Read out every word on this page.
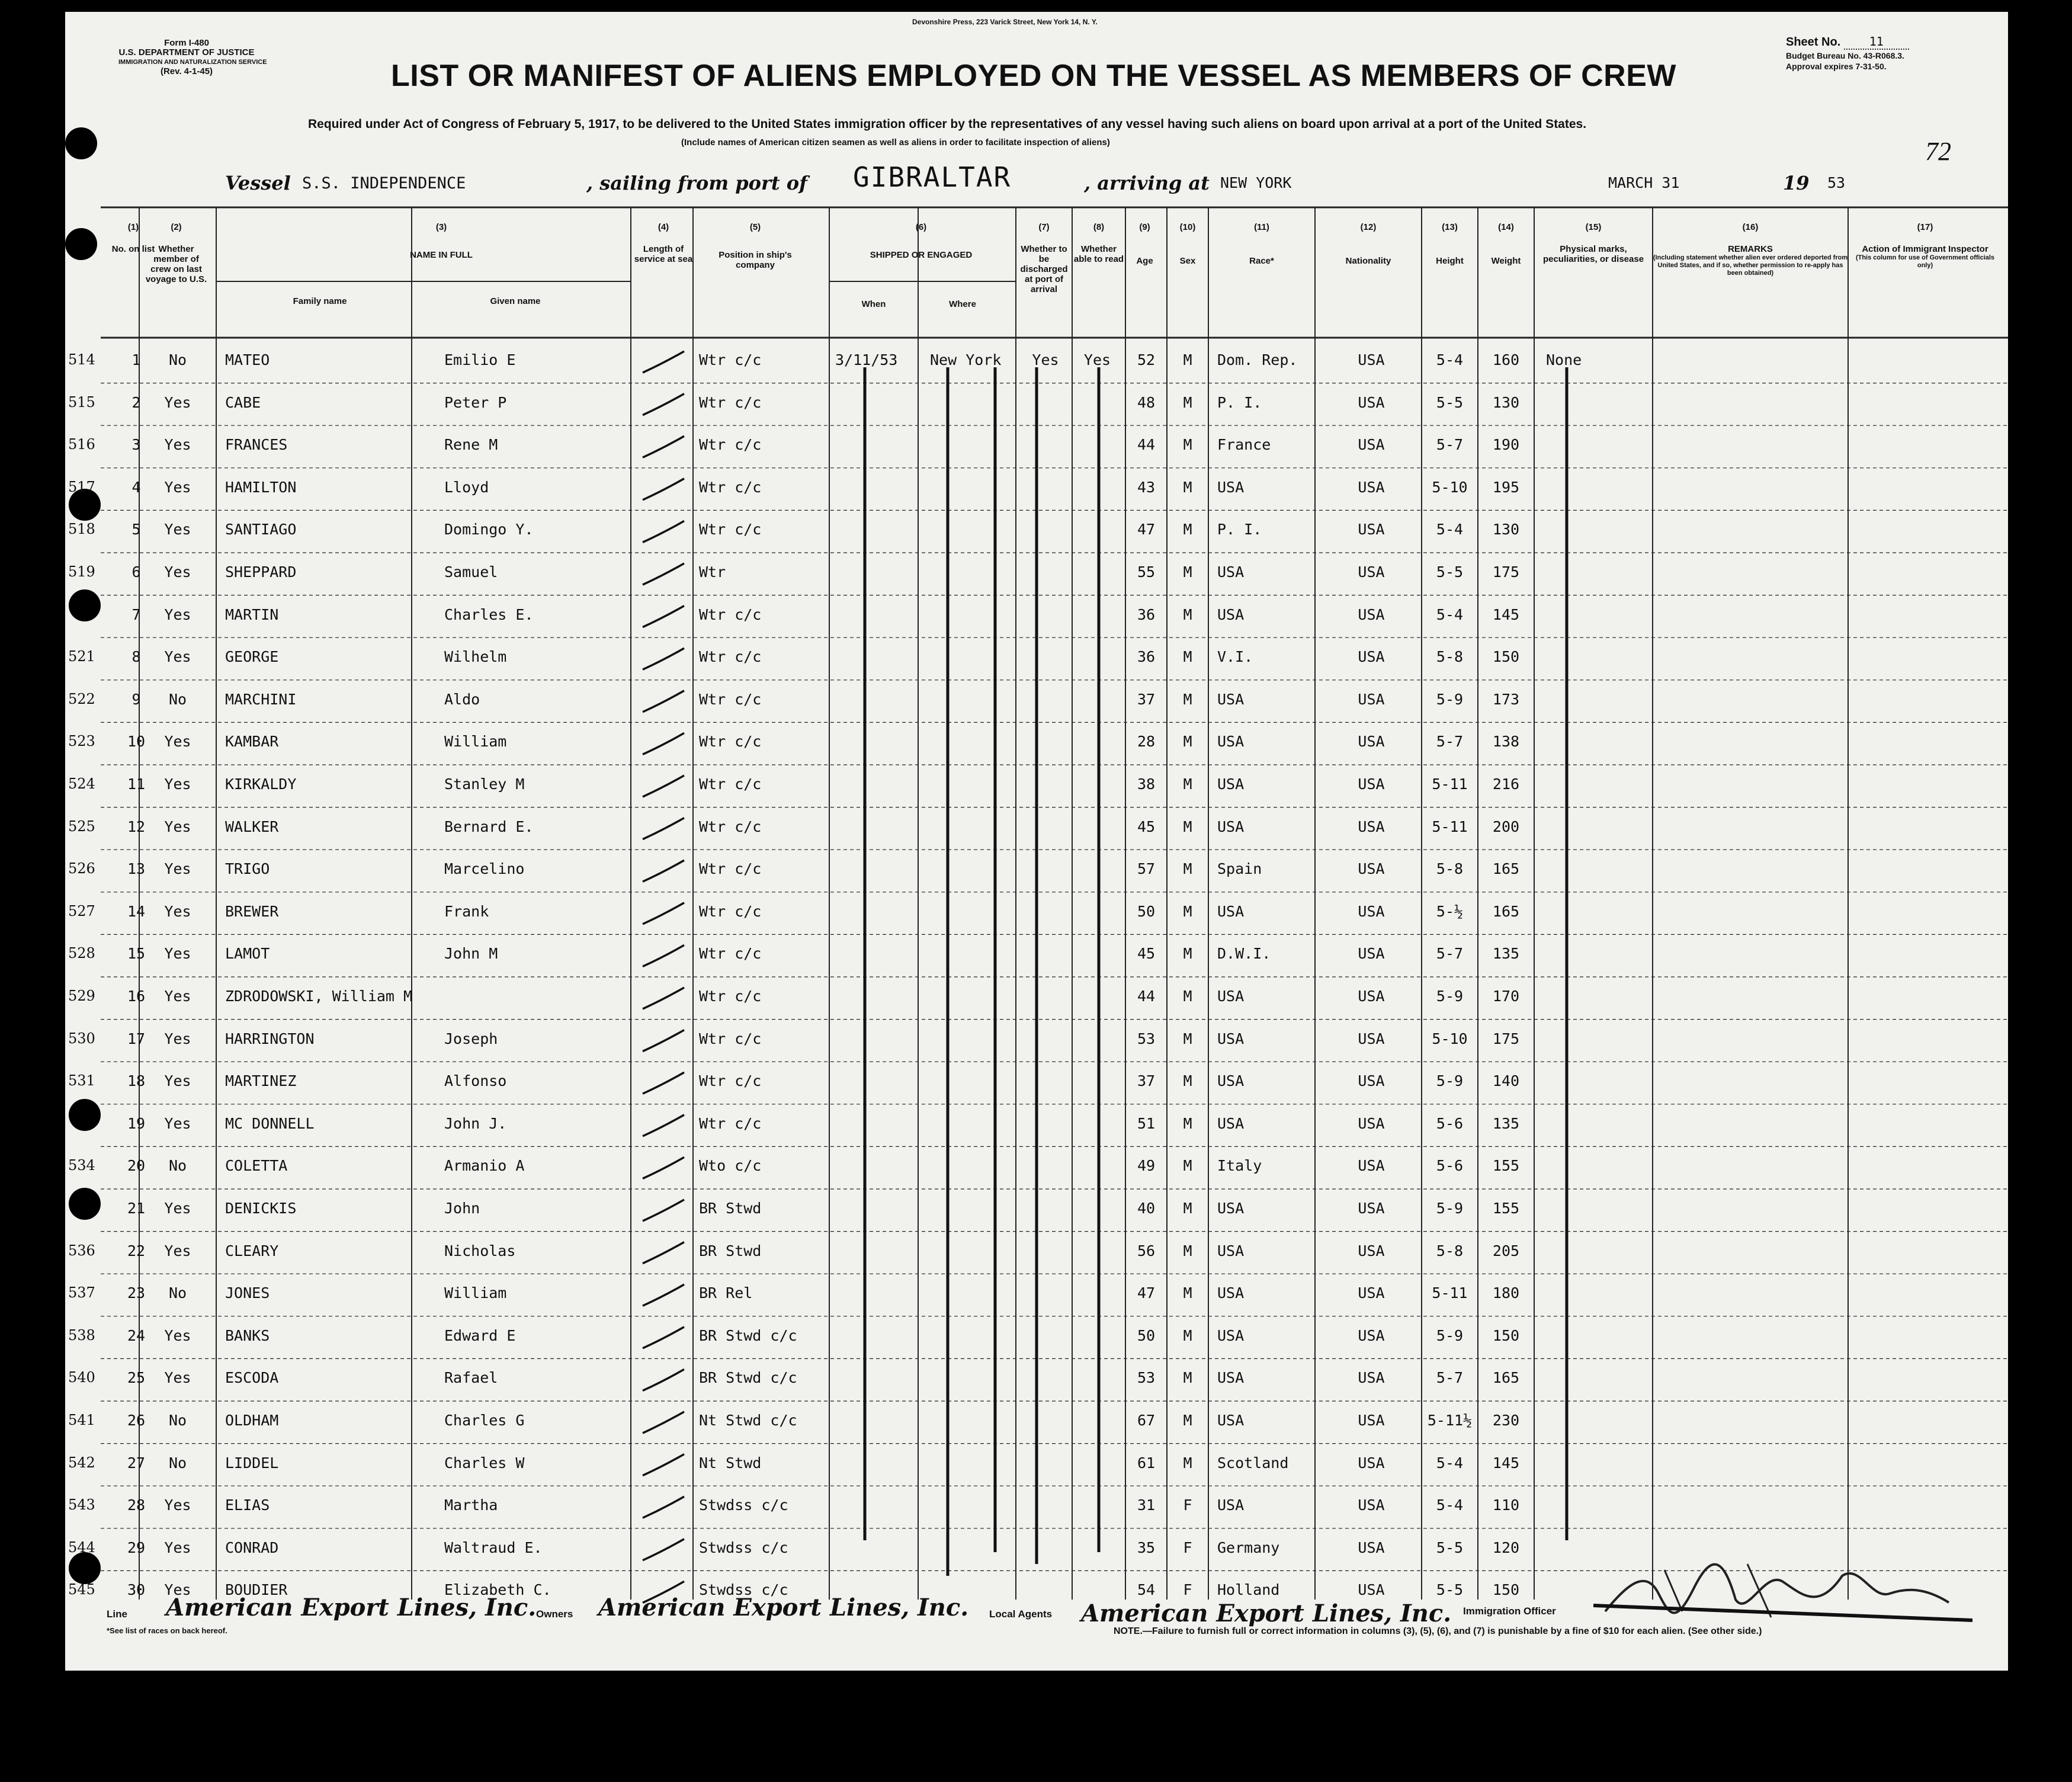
Form I-480
U.S. DEPARTMENT OF JUSTICE
IMMIGRATION AND NATURALIZATION SERVICE
(Rev. 4-1-45)
Devonshire Press, 223 Varick Street, New York 14, N. Y.
LIST OR MANIFEST OF ALIENS EMPLOYED ON THE VESSEL AS MEMBERS OF CREW
Required under Act of Congress of February 5, 1917, to be delivered to the United States immigration officer by the representatives of any vessel having such aliens on board upon arrival at a port of the United States.
(Include names of American citizen seamen as well as aliens in order to facilitate inspection of aliens)
Sheet No. 11
Budget Bureau No. 43-R068.3.
Approval expires 7-31-50.
72
Vessel S.S. INDEPENDENCE	, sailing from port of GIBRALTAR	, arriving at NEW YORK	MARCH 31	19 53
(1)
No. on list
(2)
Whether member of crew on last voyage to U.S.
(3)
NAME IN FULL
Family name	Given name
(4)
Length of service at sea
(5)
Position in ship's company
(6)
SHIPPED OR ENGAGED
When	Where
(7)
Whether to be discharged at port of arrival
(8)
Whether able to read
(9)
Age
(10)
Sex
(11)
Race*
(12)
Nationality
(13)
Height
(14)
Weight
(15)
Physical marks, peculiarities, or disease
(16)
REMARKS
(Including statement whether alien ever ordered deported from United States, and if so, whether permission to re-apply has been obtained)
(17)
Action of Immigrant Inspector
(This column for use of Government officials only)
514	1	No	MATEO	Emilio E	Wtr c/c	3/11/53 New York	Yes	Yes	52	M	Dom. Rep.	USA	5-4	160	None
515	2	Yes	CABE	Peter P	Wtr c/c	48	M	P. I.	USA	5-5	130
516	3	Yes	FRANCES	Rene M	Wtr c/c	44	M	France	USA	5-7	190
517	4	Yes	HAMILTON	Lloyd	Wtr c/c	43	M	USA	USA	5-10	195
518	5	Yes	SANTIAGO	Domingo Y.	Wtr c/c	47	M	P. I.	USA	5-4	130
519	6	Yes	SHEPPARD	Samuel	Wtr	55	M	USA	USA	5-5	175
7	Yes	MARTIN	Charles E.	Wtr c/c	36	M	USA	USA	5-4	145
521	8	Yes	GEORGE	Wilhelm	Wtr c/c	36	M	V.I.	USA	5-8	150
522	9	No	MARCHINI	Aldo	Wtr c/c	37	M	USA	USA	5-9	173
523	10	Yes	KAMBAR	William	Wtr c/c	28	M	USA	USA	5-7	138
524	11	Yes	KIRKALDY	Stanley M	Wtr c/c	38	M	USA	USA	5-11	216
525	12	Yes	WALKER	Bernard E.	Wtr c/c	45	M	USA	USA	5-11	200
526	13	Yes	TRIGO	Marcelino	Wtr c/c	57	M	Spain	USA	5-8	165
527	14	Yes	BREWER	Frank	Wtr c/c	50	M	USA	USA	5-½	165
528	15	Yes	LAMOT	John M	Wtr c/c	45	M	D.W.I.	USA	5-7	135
529	16	Yes	ZDRODOWSKI, William M	Wtr c/c	44	M	USA	USA	5-9	170
530	17	Yes	HARRINGTON	Joseph	Wtr c/c	53	M	USA	USA	5-10	175
531	18	Yes	MARTINEZ	Alfonso	Wtr c/c	37	M	USA	USA	5-9	140
19	Yes	MC DONNELL	John J.	Wtr c/c	51	M	USA	USA	5-6	135
534	20	No	COLETTA	Armanio A	Wto c/c	49	M	Italy	USA	5-6	155
21	Yes	DENICKIS	John	BR Stwd	40	M	USA	USA	5-9	155
536	22	Yes	CLEARY	Nicholas	BR Stwd	56	M	USA	USA	5-8	205
537	23	No	JONES	William	BR Rel	47	M	USA	USA	5-11	180
538	24	Yes	BANKS	Edward E	BR Stwd c/c	50	M	USA	USA	5-9	150
540	25	Yes	ESCODA	Rafael	BR Stwd c/c	53	M	USA	USA	5-7	165
541	26	No	OLDHAM	Charles G	Nt Stwd c/c	67	M	USA	USA	5-11½	230
542	27	No	LIDDEL	Charles W	Nt Stwd	61	M	Scotland	USA	5-4	145
543	28	Yes	ELIAS	Martha	Stwdss c/c	31	F	USA	USA	5-4	110
544	29	Yes	CONRAD	Waltraud E.	Stwdss c/c	35	F	Germany	USA	5-5	120
545	30	Yes	BOUDIER	Elizabeth C.	Stwdss c/c	54	F	Holland	USA	5-5	150
Line American Export Lines, Inc. Owners American Export Lines, Inc. Local Agents American Export Lines, Inc. Immigration Officer
*See list of races on back hereof.	NOTE.—Failure to furnish full or correct information in columns (3), (5), (6), and (7) is punishable by a fine of $10 for each alien. (See other side.)
